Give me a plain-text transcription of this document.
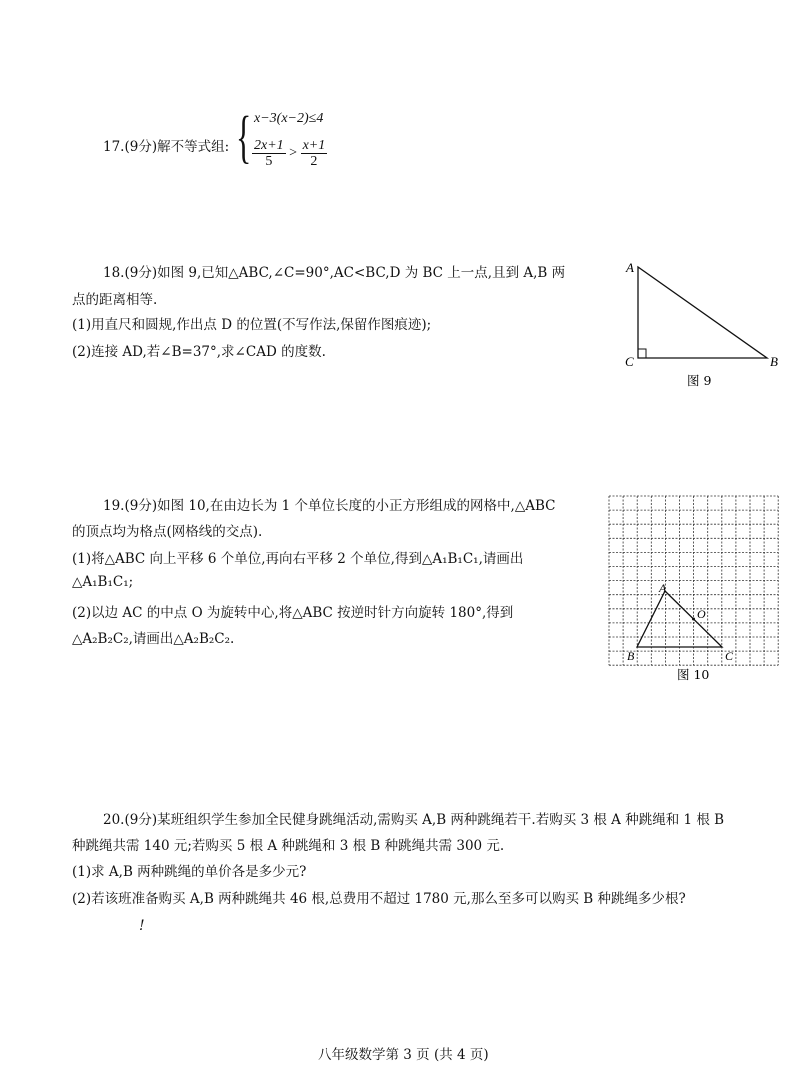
17.(9分)解不等式组: { x−3(x−2)≤4
$\frac{2x+1}{5} > \frac{x+1}{2}$
18.(9分)如图 9,已知△ABC,∠C=90°,AC<BC,D 为 BC 上一点,且到 A,B 两
点的距离相等.
(1)用直尺和圆规,作出点 D 的位置(不写作法,保留作图痕迹);
(2)连接 AD,若∠B=37°,求∠CAD 的度数.
A
C	B
图 9
19.(9分)如图 10,在由边长为 1 个单位长度的小正方形组成的网格中,△ABC
的顶点均为格点(网格线的交点).
(1)将△ABC 向上平移 6 个单位,再向右平移 2 个单位,得到△A₁B₁C₁,请画出
△A₁B₁C₁;
(2)以边 AC 的中点 O 为旋转中心,将△ABC 按逆时针方向旋转 180°,得到
△A₂B₂C₂,请画出△A₂B₂C₂.
A
O
B	C
图 10
20.(9分)某班组织学生参加全民健身跳绳活动,需购买 A,B 两种跳绳若干.若购买 3 根 A 种跳绳和 1 根 B
种跳绳共需 140 元;若购买 5 根 A 种跳绳和 3 根 B 种跳绳共需 300 元.
(1)求 A,B 两种跳绳的单价各是多少元?
(2)若该班准备购买 A,B 两种跳绳共 46 根,总费用不超过 1780 元,那么至多可以购买 B 种跳绳多少根?
!
八年级数学第 3 页 (共 4 页)
